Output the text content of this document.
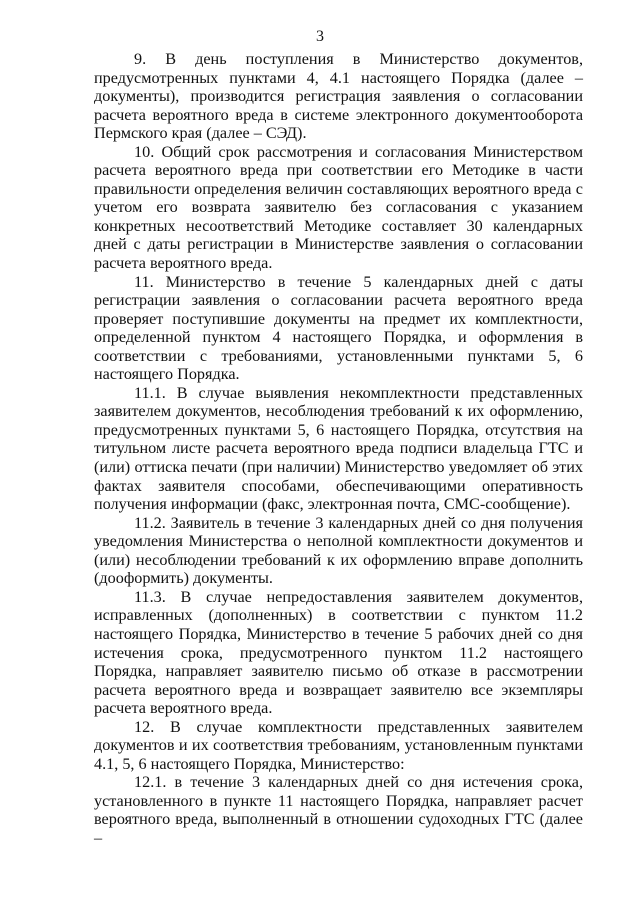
3

9. В день поступления в Министерство документов, предусмотренных пунктами 4, 4.1 настоящего Порядка (далее – документы), производится регистрация заявления о согласовании расчета вероятного вреда в системе электронного документооборота Пермского края (далее – СЭД).

10. Общий срок рассмотрения и согласования Министерством расчета вероятного вреда при соответствии его Методике в части правильности определения величин составляющих вероятного вреда с учетом его возврата заявителю без согласования с указанием конкретных несоответствий Методике составляет 30 календарных дней с даты регистрации в Министерстве заявления о согласовании расчета вероятного вреда.

11. Министерство в течение 5 календарных дней с даты регистрации заявления о согласовании расчета вероятного вреда проверяет поступившие документы на предмет их комплектности, определенной пунктом 4 настоящего Порядка, и оформления в соответствии с требованиями, установленными пунктами 5, 6 настоящего Порядка.

11.1. В случае выявления некомплектности представленных заявителем документов, несоблюдения требований к их оформлению, предусмотренных пунктами 5, 6 настоящего Порядка, отсутствия на титульном листе расчета вероятного вреда подписи владельца ГТС и (или) оттиска печати (при наличии) Министерство уведомляет об этих фактах заявителя способами, обеспечивающими оперативность получения информации (факс, электронная почта, СМС-сообщение).

11.2. Заявитель в течение 3 календарных дней со дня получения уведомления Министерства о неполной комплектности документов и (или) несоблюдении требований к их оформлению вправе дополнить (дооформить) документы.

11.3. В случае непредоставления заявителем документов, исправленных (дополненных) в соответствии с пунктом 11.2 настоящего Порядка, Министерство в течение 5 рабочих дней со дня истечения срока, предусмотренного пунктом 11.2 настоящего Порядка, направляет заявителю письмо об отказе в рассмотрении расчета вероятного вреда и возвращает заявителю все экземпляры расчета вероятного вреда.

12. В случае комплектности представленных заявителем документов и их соответствия требованиям, установленным пунктами 4.1, 5, 6 настоящего Порядка, Министерство:

12.1. в течение 3 календарных дней со дня истечения срока, установленного в пункте 11 настоящего Порядка, направляет расчет вероятного вреда, выполненный в отношении судоходных ГТС (далее –
